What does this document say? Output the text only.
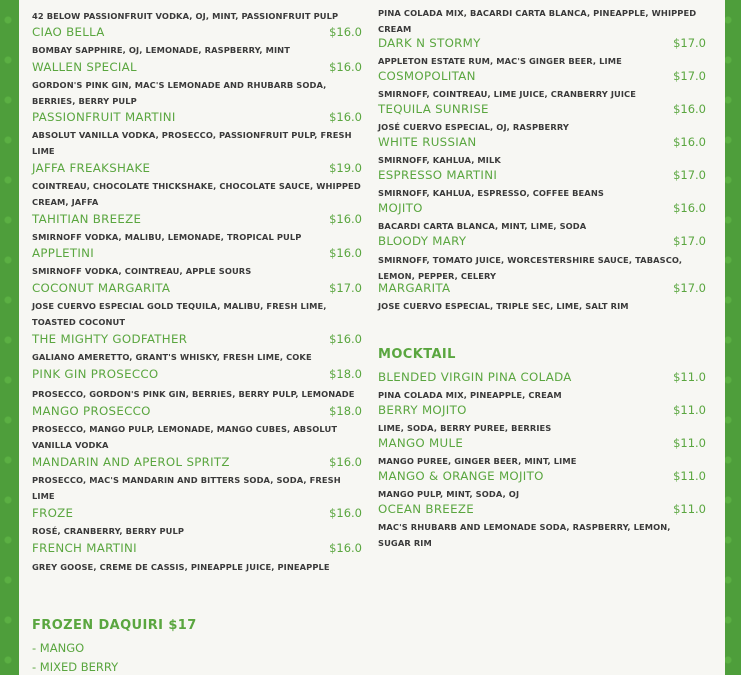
42 BELOW PASSIONFRUIT VODKA, OJ, MINT, PASSIONFRUIT PULP
CIAO BELLA	$16.0
BOMBAY SAPPHIRE, OJ, LEMONADE, RASPBERRY, MINT
WALLEN SPECIAL	$16.0
GORDON'S PINK GIN, MAC'S LEMONADE AND RHUBARB SODA, BERRIES, BERRY PULP
PASSIONFRUIT MARTINI	$16.0
ABSOLUT VANILLA VODKA, PROSECCO, PASSIONFRUIT PULP, FRESH LIME
JAFFA FREAKSHAKE	$19.0
COINTREAU, CHOCOLATE THICKSHAKE, CHOCOLATE SAUCE, WHIPPED CREAM, JAFFA
TAHITIAN BREEZE	$16.0
SMIRNOFF VODKA, MALIBU, LEMONADE, TROPICAL PULP
APPLETINI	$16.0
SMIRNOFF VODKA, COINTREAU, APPLE SOURS
COCONUT MARGARITA	$17.0
JOSE CUERVO ESPECIAL GOLD TEQUILA, MALIBU, FRESH LIME, TOASTED COCONUT
THE MIGHTY GODFATHER	$16.0
GALIANO AMERETTO, GRANT'S WHISKY, FRESH LIME, COKE
PINK GIN PROSECCO	$18.0
PROSECCO, GORDON'S PINK GIN, BERRIES, BERRY PULP, LEMONADE
MANGO PROSECCO	$18.0
PROSECCO, MANGO PULP, LEMONADE, MANGO CUBES, ABSOLUT VANILLA VODKA
MANDARIN AND APEROL SPRITZ	$16.0
PROSECCO, MAC'S MANDARIN AND BITTERS SODA, SODA, FRESH LIME
FROZE	$16.0
ROSÉ, CRANBERRY, BERRY PULP
FRENCH MARTINI	$16.0
GREY GOOSE, CREME DE CASSIS, PINEAPPLE JUICE, PINEAPPLE
FROZEN DAQUIRI $17
- MANGO
- MIXED BERRY
PINA COLADA MIX, BACARDI CARTA BLANCA, PINEAPPLE, WHIPPED CREAM
DARK N STORMY	$17.0
APPLETON ESTATE RUM, MAC'S GINGER BEER, LIME
COSMOPOLITAN	$17.0
SMIRNOFF, COINTREAU, LIME JUICE, CRANBERRY JUICE
TEQUILA SUNRISE	$16.0
JOSÉ CUERVO ESPECIAL, OJ, RASPBERRY
WHITE RUSSIAN	$16.0
SMIRNOFF, KAHLUA, MILK
ESPRESSO MARTINI	$17.0
SMIRNOFF, KAHLUA, ESPRESSO, COFFEE BEANS
MOJITO	$16.0
BACARDI CARTA BLANCA, MINT, LIME, SODA
BLOODY MARY	$17.0
SMIRNOFF, TOMATO JUICE, WORCESTERSHIRE SAUCE, TABASCO, LEMON, PEPPER, CELERY
MARGARITA	$17.0
JOSE CUERVO ESPECIAL, TRIPLE SEC, LIME, SALT RIM
MOCKTAIL
BLENDED VIRGIN PINA COLADA	$11.0
PINA COLADA MIX, PINEAPPLE, CREAM
BERRY MOJITO	$11.0
LIME, SODA, BERRY PUREE, BERRIES
MANGO MULE	$11.0
MANGO PUREE, GINGER BEER, MINT, LIME
MANGO & ORANGE MOJITO	$11.0
MANGO PULP, MINT, SODA, OJ
OCEAN BREEZE	$11.0
MAC'S RHUBARB AND LEMONADE SODA, RASPBERRY, LEMON, SUGAR RIM
